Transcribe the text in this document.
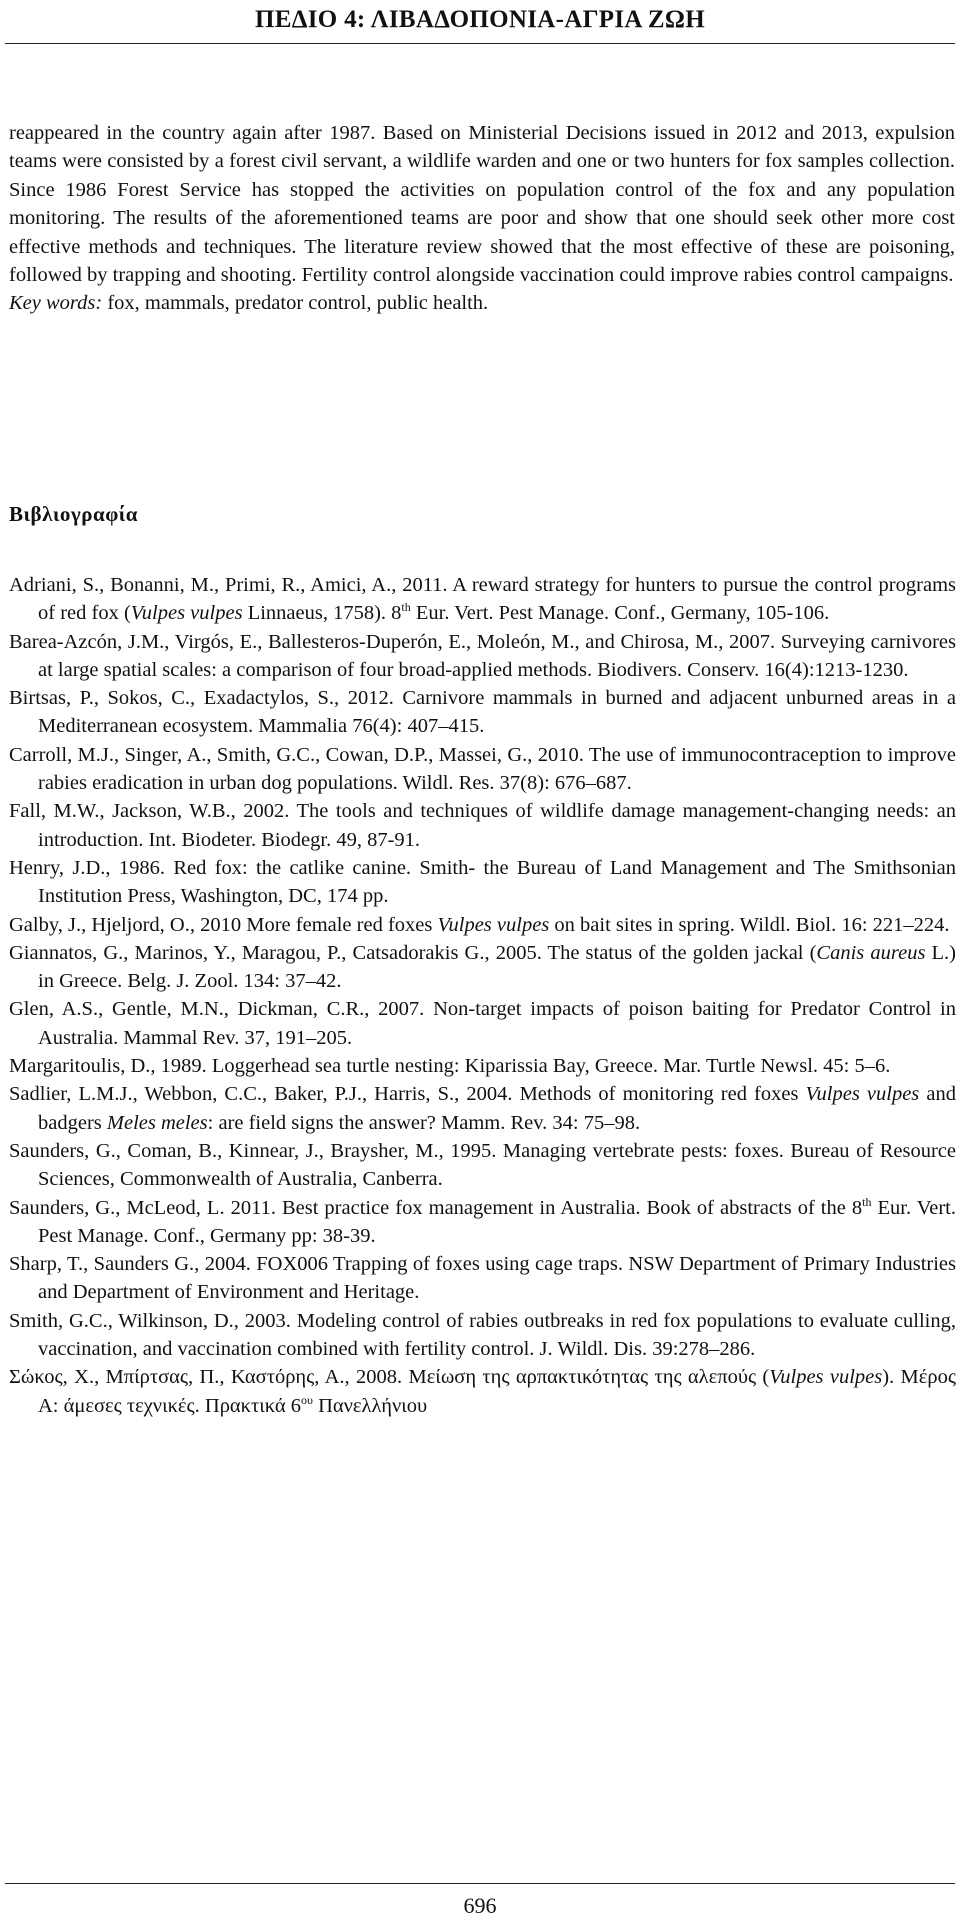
ΠΕΔΙΟ 4: ΛΙΒΑΔΟΠΟΝΙΑ-ΑΓΡΙΑ ΖΩΗ

reappeared in the country again after 1987. Based on Ministerial Decisions issued in 2012 and 2013, expulsion teams were consisted by a forest civil servant, a wildlife warden and one or two hunters for fox samples collection. Since 1986 Forest Service has stopped the activities on population control of the fox and any population monitoring. The results of the aforementioned teams are poor and show that one should seek other more cost effective methods and techniques. The literature review showed that the most effective of these are poisoning, followed by trapping and shooting. Fertility control alongside vaccination could improve rabies control campaigns.
Key words: fox, mammals, predator control, public health.

Βιβλιογραφία

Adriani, S., Bonanni, M., Primi, R., Amici, A., 2011. A reward strategy for hunters to pursue the control programs of red fox (Vulpes vulpes Linnaeus, 1758). 8th Eur. Vert. Pest Manage. Conf., Germany, 105-106.

Barea-Azcón, J.M., Virgós, E., Ballesteros-Duperón, E., Moleón, M., and Chirosa, M., 2007. Surveying carnivores at large spatial scales: a comparison of four broad-applied methods. Biodivers. Conserv. 16(4):1213-1230.

Birtsas, P., Sokos, C., Exadactylos, S., 2012. Carnivore mammals in burned and adjacent unburned areas in a Mediterranean ecosystem. Mammalia 76(4): 407–415.

Carroll, M.J., Singer, A., Smith, G.C., Cowan, D.P., Massei, G., 2010. The use of immunocontraception to improve rabies eradication in urban dog populations. Wildl. Res. 37(8): 676–687.

Fall, M.W., Jackson, W.B., 2002. The tools and techniques of wildlife damage management-changing needs: an introduction. Int. Biodeter. Biodegr. 49, 87-91.

Henry, J.D., 1986. Red fox: the catlike canine. Smith- the Bureau of Land Management and The Smithsonian Institution Press, Washington, DC, 174 pp.

Galby, J., Hjeljord, O., 2010 More female red foxes Vulpes vulpes on bait sites in spring. Wildl. Biol. 16: 221–224.

Giannatos, G., Marinos, Y., Maragou, P., Catsadorakis G., 2005. The status of the golden jackal (Canis aureus L.) in Greece. Belg. J. Zool. 134: 37–42.

Glen, A.S., Gentle, M.N., Dickman, C.R., 2007. Non-target impacts of poison baiting for Predator Control in Australia. Mammal Rev. 37, 191–205.

Margaritoulis, D., 1989. Loggerhead sea turtle nesting: Kiparissia Bay, Greece. Mar. Turtle Newsl. 45: 5–6.

Sadlier, L.M.J., Webbon, C.C., Baker, P.J., Harris, S., 2004. Methods of monitoring red foxes Vulpes vulpes and badgers Meles meles: are field signs the answer? Mamm. Rev. 34: 75–98.

Saunders, G., Coman, B., Kinnear, J., Braysher, M., 1995. Managing vertebrate pests: foxes. Bureau of Resource Sciences, Commonwealth of Australia, Canberra.

Saunders, G., McLeod, L. 2011. Best practice fox management in Australia. Book of abstracts of the 8th Eur. Vert. Pest Manage. Conf., Germany pp: 38-39.

Sharp, T., Saunders G., 2004. FOX006 Trapping of foxes using cage traps. NSW Department of Primary Industries and Department of Environment and Heritage.

Smith, G.C., Wilkinson, D., 2003. Modeling control of rabies outbreaks in red fox populations to evaluate culling, vaccination, and vaccination combined with fertility control. J. Wildl. Dis. 39:278–286.

Σώκος, Χ., Μπίρτσας, Π., Καστόρης, Α., 2008. Μείωση της αρπακτικότητας της αλεπούς (Vulpes vulpes). Μέρος Α: άμεσες τεχνικές. Πρακτικά $6^{o\upsilon}$ Πανελλήνιου

696
